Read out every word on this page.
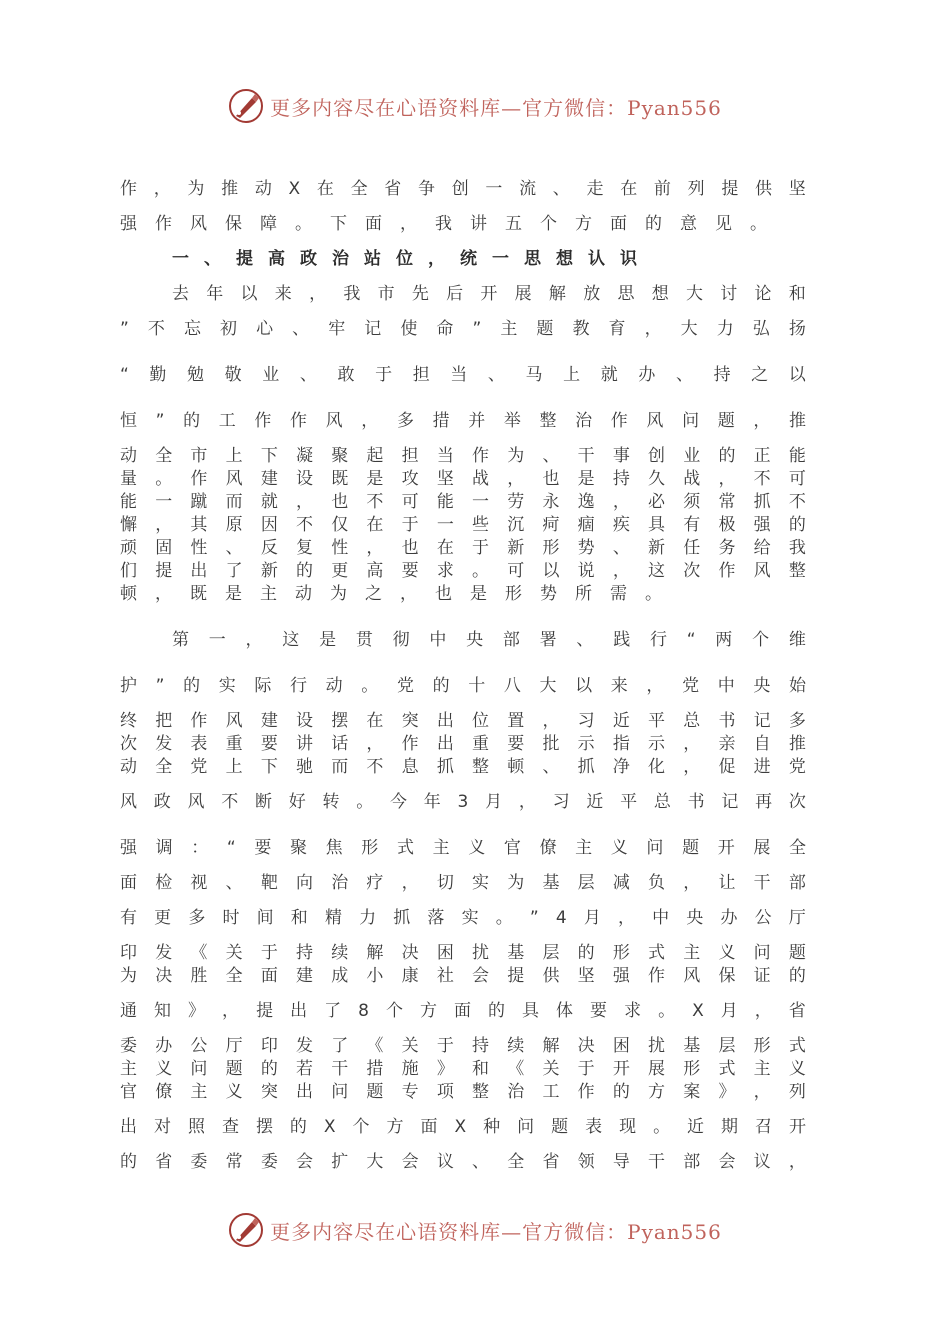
更多内容尽在心语资料库—官方微信：Pyan556
作 ， 为 推 动 X 在 全 省 争 创 一 流 、 走 在 前 列 提 供 坚
强	作	风	保	障	。	下	面	，	我	讲	五	个	方	面	的	意	见	。
一 、 提 高 政 治 站 位 ， 统 一 思 想 认 识
去 年 以 来 ， 我 市 先 后 开 展 解 放 思 想 大 讨 论 和
” 不 忘 初 心 、 牢 记 使 命 ” 主 题 教 育 ， 大 力 弘 扬
“ 勤 勉 敬 业 、 敢 于 担 当 、 马 上 就 办 、 持 之 以
恒 ” 的 工 作 作 风 ， 多 措 并 举 整 治 作 风 问 题 ， 推
动 全 市 上 下 凝 聚 起 担 当 作 为 、 干 事 创 业 的 正 能
量 。 作 风 建 设 既 是 攻 坚 战 ， 也 是 持 久 战 ， 不 可
能 一 蹴 而 就 ， 也 不 可 能 一 劳 永 逸 ， 必 须 常 抓 不
懈 ， 其 原 因 不 仅 在 于 一 些 沉 疴 痼 疾 具 有 极 强 的
顽 固 性 、 反 复 性 ， 也 在 于 新 形 势 、 新 任 务 给 我
们 提 出 了 新 的 更 高 要 求 。 可 以 说 ， 这 次 作 风 整
顿	，	既	是	主	动	为	之	，	也	是	形	势	所	需	。
第 一 ， 这 是 贯 彻 中 央 部 署 、 践 行 “ 两 个 维
护 ” 的 实 际 行 动 。 党 的 十 八 大 以 来 ， 党 中 央 始
终 把 作 风 建 设 摆 在 突 出 位 置 ， 习 近 平 总 书 记 多
次 发 表 重 要 讲 话 ， 作 出 重 要 批 示 指 示 ， 亲 自 推
动 全 党 上 下 驰 而 不 息 抓 整 顿 、 抓 净 化 ， 促 进 党
风 政 风 不 断 好 转 。 今 年 3 月 ， 习 近 平 总 书 记 再 次
强 调 ： “ 要 聚 焦 形 式 主 义 官 僚 主 义 问 题 开 展 全
面 检 视 、 靶 向 治 疗 ， 切 实 为 基 层 减 负 ， 让 干 部
有 更 多 时 间 和 精 力 抓 落 实 。 ” 4 月 ， 中 央 办 公 厅
印 发 《 关 于 持 续 解 决 困 扰 基 层 的 形 式 主 义 问 题
为 决 胜 全 面 建 成 小 康 社 会 提 供 坚 强 作 风 保 证 的
通 知 》 ， 提 出 了 8 个 方 面 的 具 体 要 求 。 X 月 ， 省
委 办 公 厅 印 发 了 《 关 于 持 续 解 决 困 扰 基 层 形 式
主 义 问 题 的 若 干 措 施 》 和 《 关 于 开 展 形 式 主 义
官 僚 主 义 突 出 问 题 专 项 整 治 工 作 的 方 案 》 ， 列
出 对 照 查 摆 的 X 个 方 面 X 种 问 题 表 现 。 近 期 召 开
的 省 委 常 委 会 扩 大 会 议 、 全 省 领 导 干 部 会 议 ，
更多内容尽在心语资料库—官方微信：Pyan556
